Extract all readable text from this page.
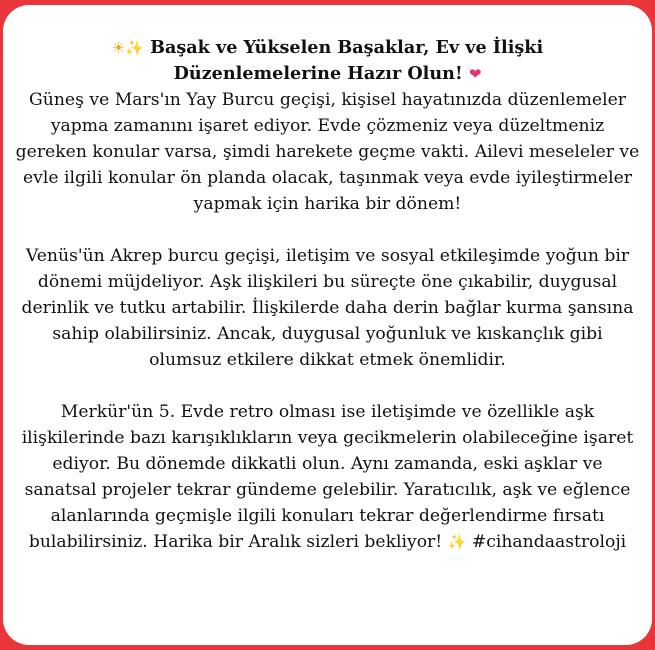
☀✨ Başak ve Yükselen Başaklar, Ev ve İlişki
Düzenlemelerine Hazır Olun! ❤

Güneş ve Mars'ın Yay Burcu geçişi, kişisel hayatınızda düzenlemeler yapma zamanını işaret ediyor. Evde çözmeniz veya düzeltmeniz gereken konular varsa, şimdi harekete geçme vakti. Ailevi meseleler ve evle ilgili konular ön planda olacak, taşınmak veya evde iyileştirmeler yapmak için harika bir dönem!

Venüs'ün Akrep burcu geçişi, iletişim ve sosyal etkileşimde yoğun bir dönemi müjdeliyor. Aşk ilişkileri bu süreçte öne çıkabilir, duygusal derinlik ve tutku artabilir. İlişkilerde daha derin bağlar kurma şansına sahip olabilirsiniz. Ancak, duygusal yoğunluk ve kıskançlık gibi olumsuz etkilere dikkat etmek önemlidir.

Merkür'ün 5. Evde retro olması ise iletişimde ve özellikle aşk ilişkilerinde bazı karışıklıkların veya gecikmelerin olabileceğine işaret ediyor. Bu dönemde dikkatli olun. Aynı zamanda, eski aşklar ve sanatsal projeler tekrar gündeme gelebilir. Yaratıcılık, aşk ve eğlence alanlarında geçmişle ilgili konuları tekrar değerlendirme fırsatı bulabilirsiniz. Harika bir Aralık sizleri bekliyor! ✨ #cihandaastroloji
